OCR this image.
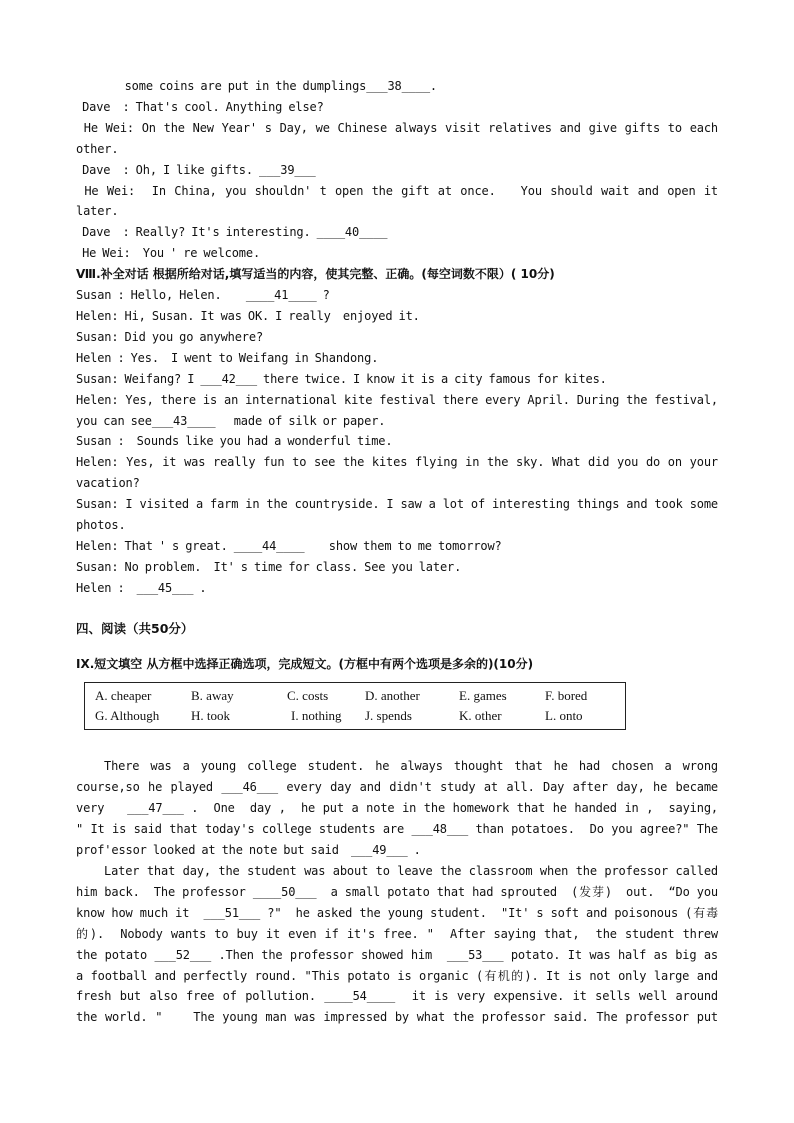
some coins are put in the dumplings___38____.
Dave  : That's cool. Anything else?
He Wei: On the New Year' s Day, we Chinese always visit relatives and give gifts to each
other.
Dave  : Oh, I like gifts. ___39___
He Wei:  In China, you shouldn' t open the gift at once.   You should wait and open it
later.
Dave  : Really? It's interesting. ____40____
He Wei:  You ' re welcome.
Ⅷ.补全对话 根据所给对话,填写适当的内容，使其完整、正确。(每空词数不限）( 10分)
Susan : Hello, Helen.    ____41____ ?
Helen: Hi, Susan. It was OK. I really  enjoyed it.
Susan: Did you go anywhere?
Helen : Yes.  I went to Weifang in Shandong.
Susan: Weifang? I ___42___ there twice. I know it is a city famous for kites.
Helen: Yes, there is an international kite festival there every April. During the festival,
you can see___43____   made of silk or paper.
Susan :  Sounds like you had a wonderful time.
Helen: Yes, it was really fun to see the kites flying in the sky. What did you do on your
vacation?
Susan: I visited a farm in the countryside. I saw a lot of interesting things and took some
photos.
Helen: That ' s great. ____44____    show them to me tomorrow?
Susan: No problem.  It' s time for class. See you later.
Helen :  ___45___ .
四、阅读（共50分）
IX.短文填空 从方框中选择正确选项，完成短文。(方框中有两个选项是多余的)(10分)
A. cheaper	B. away	C. costs	D. another	E. games	F. bored
G. Although	H. took	I. nothing	J. spends	K. other	L. onto
There was a young college student. he always thought that he had chosen a wrong
course,so he played ___46___ every day and didn't study at all. Day after day, he became
very   ___47___ .  One  day ,  he put a note in the homework that he handed in ,  saying,
" It is said that today's college students are ___48___ than potatoes.  Do you agree?" The
prof'essor looked at the note but said  ___49___ .
Later that day, the student was about to leave the classroom when the professor called
him back.  The professor ____50___  a small potato that had sprouted  (发芽)  out.  “Do you
know how much it  ___51___ ?"  he asked the young student.  "It' s soft and poisonous (有毒
的).  Nobody wants to buy it even if it's free. "  After saying that,  the student threw
the potato ___52___ .Then the professor showed him  ___53___ potato. It was half as big as
a football and perfectly round. "This potato is organic (有机的). It is not only large and
fresh but also free of pollution. ____54____  it is very expensive. it sells well around
the world. "    The young man was impressed by what the professor said. The professor put
